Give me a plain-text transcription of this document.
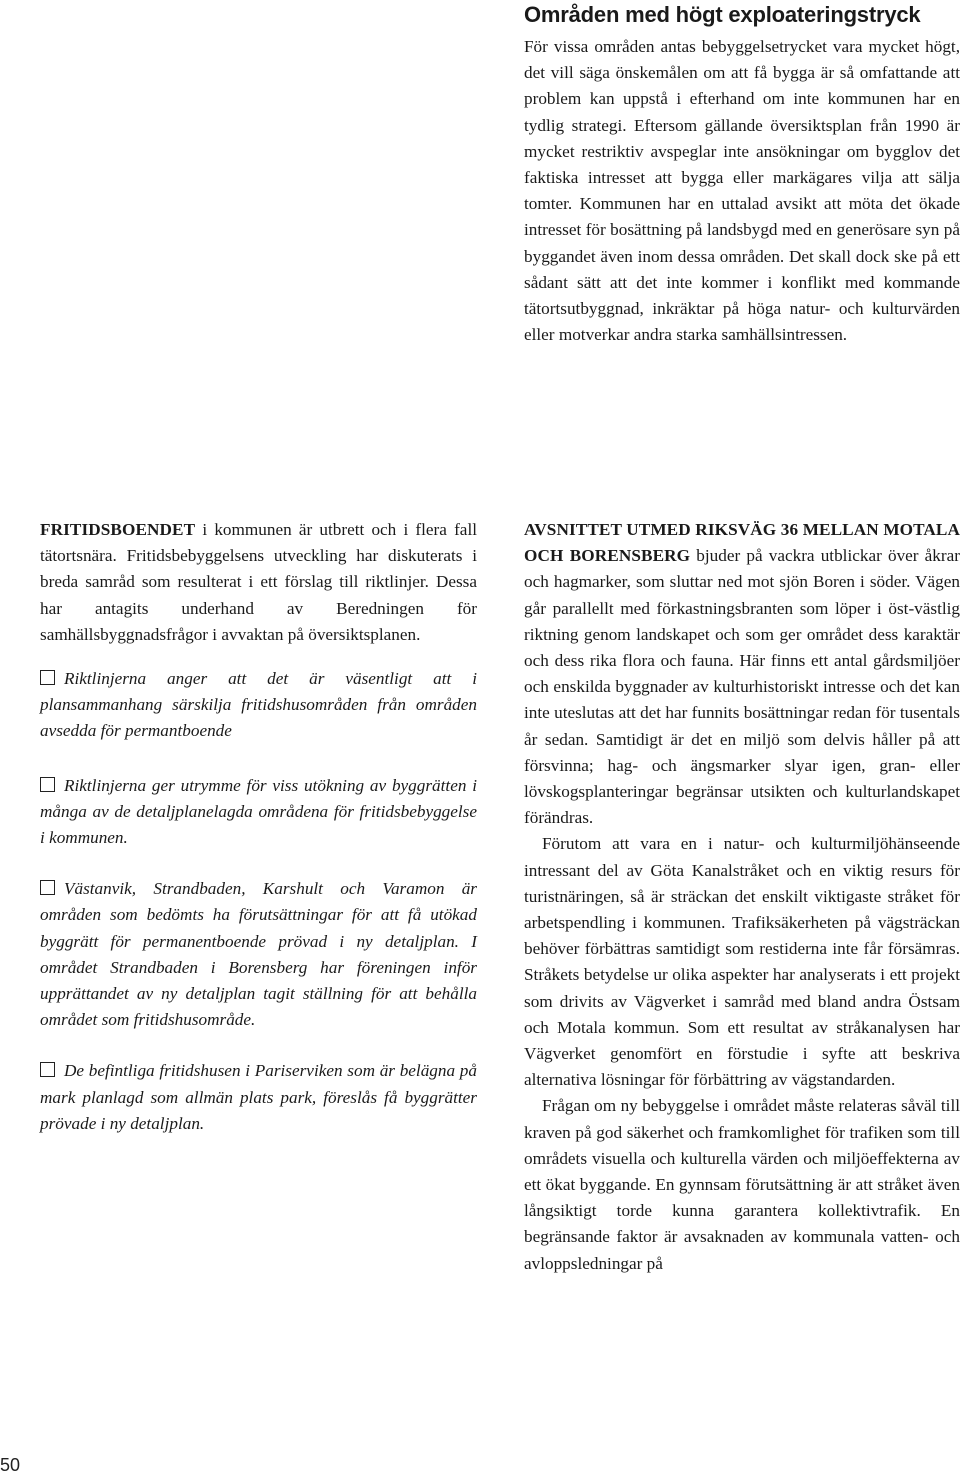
Områden med högt exploateringstryck

För vissa områden antas bebyggelsetrycket vara mycket högt, det vill säga önskemålen om att få bygga är så omfattande att problem kan uppstå i efterhand om inte kommunen har en tydlig strategi. Eftersom gällande översiktsplan från 1990 är mycket restriktiv avspeglar inte ansökningar om bygglov det faktiska intresset att bygga eller markägares vilja att sälja tomter. Kommunen har en uttalad avsikt att möta det ökade intresset för bosättning på landsbygd med en generösare syn på byggandet även inom dessa områden. Det skall dock ske på ett sådant sätt att det inte kommer i konflikt med kommande tätortsutbyggnad, inkräktar på höga natur- och kulturvärden eller motverkar andra starka samhällsintressen.

FRITIDSBOENDET i kommunen är utbrett och i flera fall tätortsnära. Fritidsbebyggelsens utveckling har diskuterats i breda samråd som resulterat i ett förslag till riktlinjer. Dessa har antagits underhand av Beredningen för samhällsbyggnadsfrågor i avvaktan på översiktsplanen.

Riktlinjerna anger att det är väsentligt att i plansammanhang särskilja fritidshusområden från områden avsedda för permantboende

Riktlinjerna ger utrymme för viss utökning av byggrätten i många av de detaljplanelagda områdena för fritidsbebyggelse i kommunen.

Västanvik, Strandbaden, Karshult och Varamon är områden som bedömts ha förutsättningar för att få utökad byggrätt för permanentboende prövad i ny detaljplan. I området Strandbaden i Borensberg har föreningen inför upprättandet av ny detaljplan tagit ställning för att behålla området som fritidshusområde.

De befintliga fritidshusen i Pariserviken som är belägna på mark planlagd som allmän plats park, föreslås få byggrätter prövade i ny detaljplan.

AVSNITTET UTMED RIKSVÄG 36 MELLAN MOTALA OCH BORENSBERG bjuder på vackra utblickar över åkrar och hagmarker, som sluttar ned mot sjön Boren i söder. Vägen går parallellt med förkastningsbranten som löper i öst-västlig riktning genom landskapet och som ger området dess karaktär och dess rika flora och fauna. Här finns ett antal gårdsmiljöer och enskilda byggnader av kulturhistoriskt intresse och det kan inte uteslutas att det har funnits bosättningar redan för tusentals år sedan. Samtidigt är det en miljö som delvis håller på att försvinna; hag- och ängsmarker slyar igen, gran- eller lövskogsplanteringar begränsar utsikten och kulturlandskapet förändras.

Förutom att vara en i natur- och kulturmiljöhänseende intressant del av Göta Kanalstråket och en viktig resurs för turistnäringen, så är sträckan det enskilt viktigaste stråket för arbetspendling i kommunen. Trafiksäkerheten på vägsträckan behöver förbättras samtidigt som restiderna inte får försämras. Stråkets betydelse ur olika aspekter har analyserats i ett projekt som drivits av Vägverket i samråd med bland andra Östsam och Motala kommun. Som ett resultat av stråkanalysen har Vägverket genomfört en förstudie i syfte att beskriva alternativa lösningar för förbättring av vägstandarden.

Frågan om ny bebyggelse i området måste relateras såväl till kraven på god säkerhet och framkomlighet för trafiken som till områdets visuella och kulturella värden och miljöeffekterna av ett ökat byggande. En gynnsam förutsättning är att stråket även långsiktigt torde kunna garantera kollektivtrafik. En begränsande faktor är avsaknaden av kommunala vatten- och avloppsledningar på

50
